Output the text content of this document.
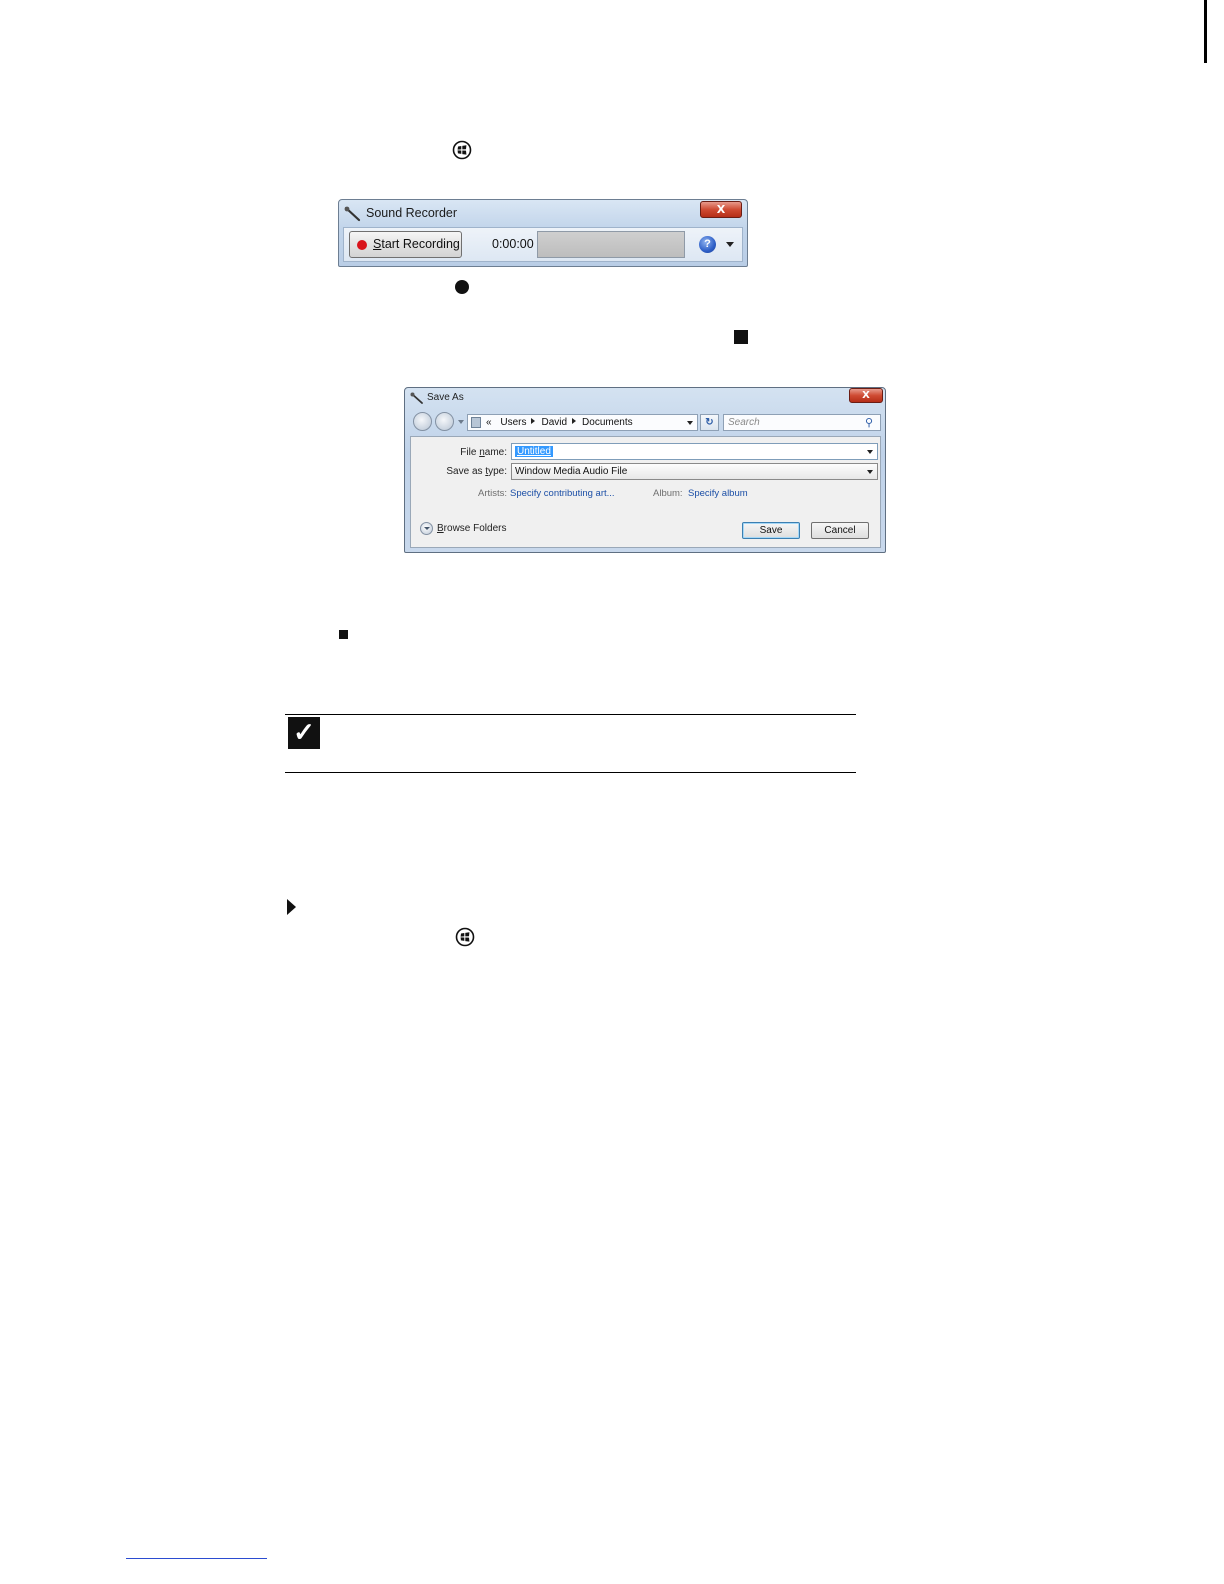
Sound Recorder	X
Start Recording	0:00:00	?
Save As	X
« Users David Documents	↻	Search	⚲
File name: Untitled
Save as type: Window Media Audio File
Artists: Specify contributing art...	Album: Specify album
Browse Folders	Save	Cancel
✓
